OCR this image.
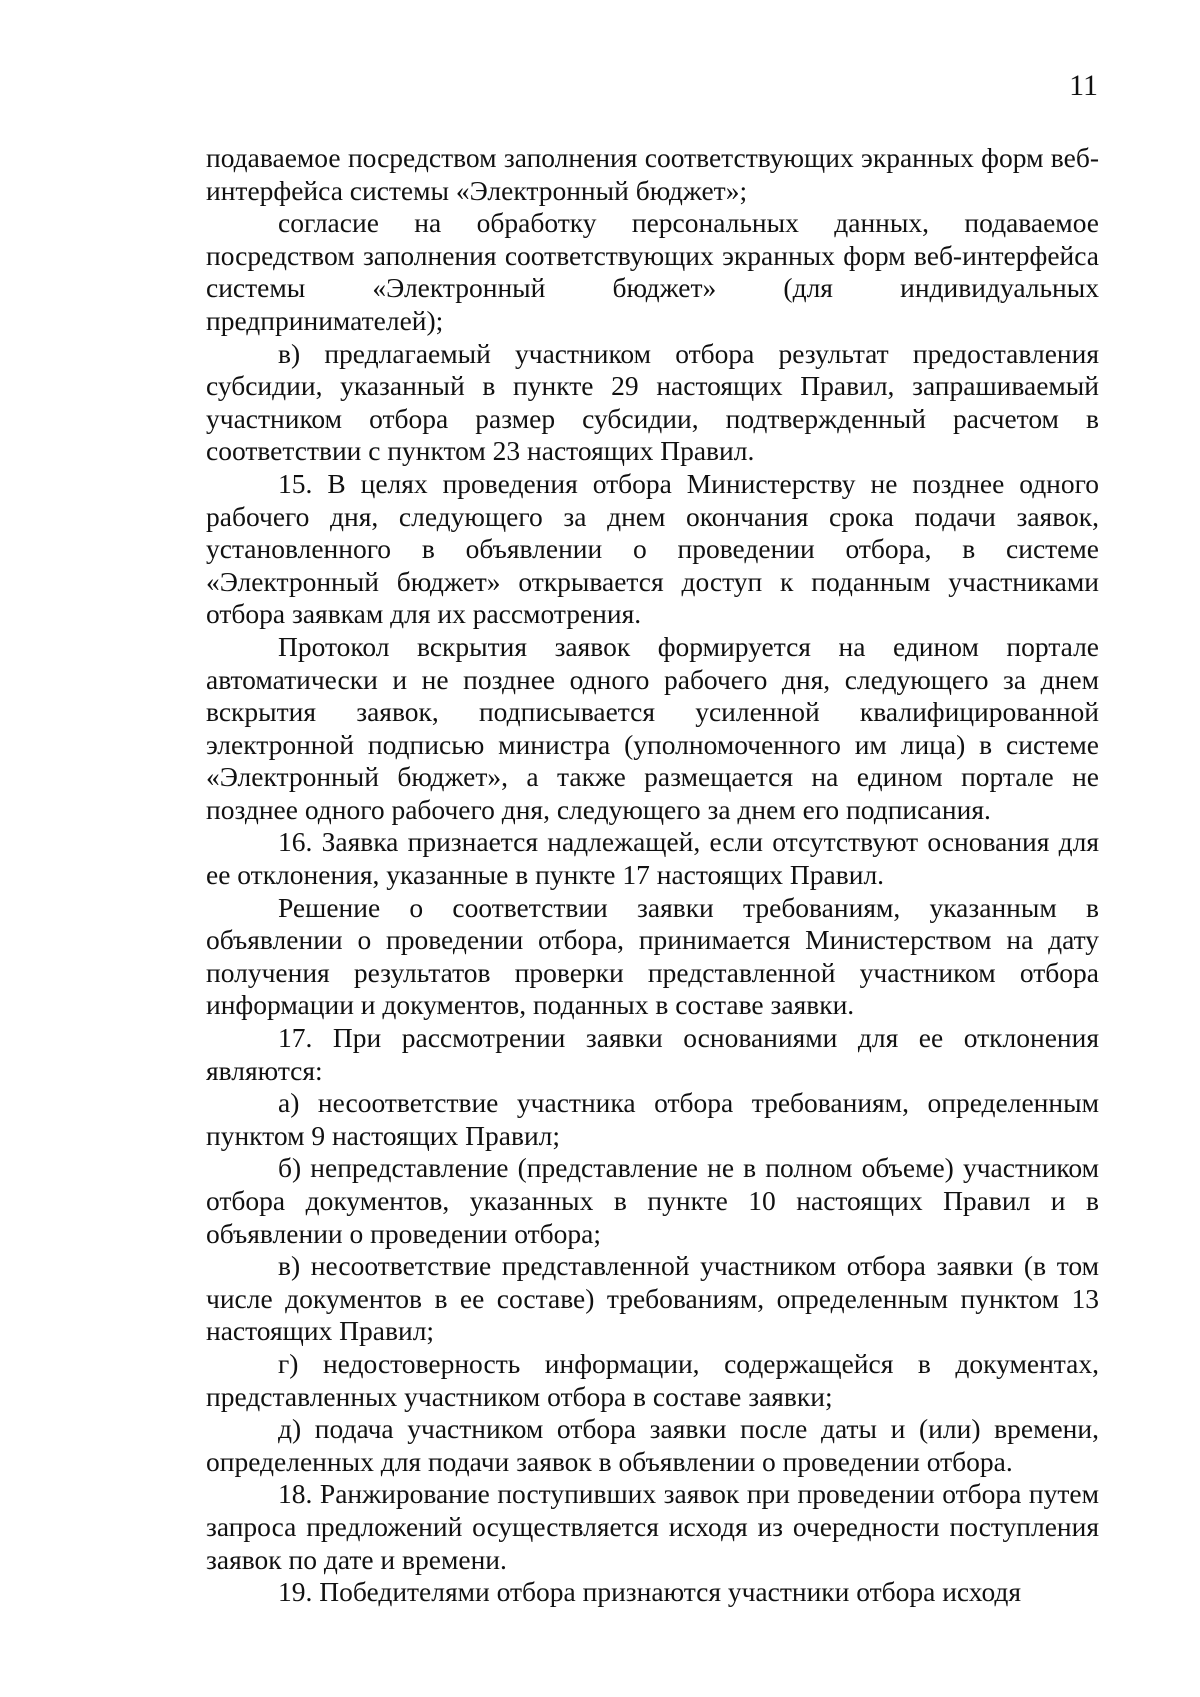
11

подаваемое посредством заполнения соответствующих экранных форм веб-интерфейса системы «Электронный бюджет»;

согласие на обработку персональных данных, подаваемое посредством заполнения соответствующих экранных форм веб-интерфейса системы «Электронный бюджет» (для индивидуальных предпринимателей);

в) предлагаемый участником отбора результат предоставления субсидии, указанный в пункте 29 настоящих Правил, запрашиваемый участником отбора размер субсидии, подтвержденный расчетом в соответствии с пунктом 23 настоящих Правил.

15. В целях проведения отбора Министерству не позднее одного рабочего дня, следующего за днем окончания срока подачи заявок, установленного в объявлении о проведении отбора, в системе «Электронный бюджет» открывается доступ к поданным участниками отбора заявкам для их рассмотрения.

Протокол вскрытия заявок формируется на едином портале автоматически и не позднее одного рабочего дня, следующего за днем вскрытия заявок, подписывается усиленной квалифицированной электронной подписью министра (уполномоченного им лица) в системе «Электронный бюджет», а также размещается на едином портале не позднее одного рабочего дня, следующего за днем его подписания.

16. Заявка признается надлежащей, если отсутствуют основания для ее отклонения, указанные в пункте 17 настоящих Правил.

Решение о соответствии заявки требованиям, указанным в объявлении о проведении отбора, принимается Министерством на дату получения результатов проверки представленной участником отбора информации и документов, поданных в составе заявки.

17. При рассмотрении заявки основаниями для ее отклонения являются:

а) несоответствие участника отбора требованиям, определенным пунктом 9 настоящих Правил;

б) непредставление (представление не в полном объеме) участником отбора документов, указанных в пункте 10 настоящих Правил и в объявлении о проведении отбора;

в) несоответствие представленной участником отбора заявки (в том числе документов в ее составе) требованиям, определенным пунктом 13 настоящих Правил;

г) недостоверность информации, содержащейся в документах, представленных участником отбора в составе заявки;

д) подача участником отбора заявки после даты и (или) времени, определенных для подачи заявок в объявлении о проведении отбора.

18. Ранжирование поступивших заявок при проведении отбора путем запроса предложений осуществляется исходя из очередности поступления заявок по дате и времени.

19. Победителями отбора признаются участники отбора исходя
